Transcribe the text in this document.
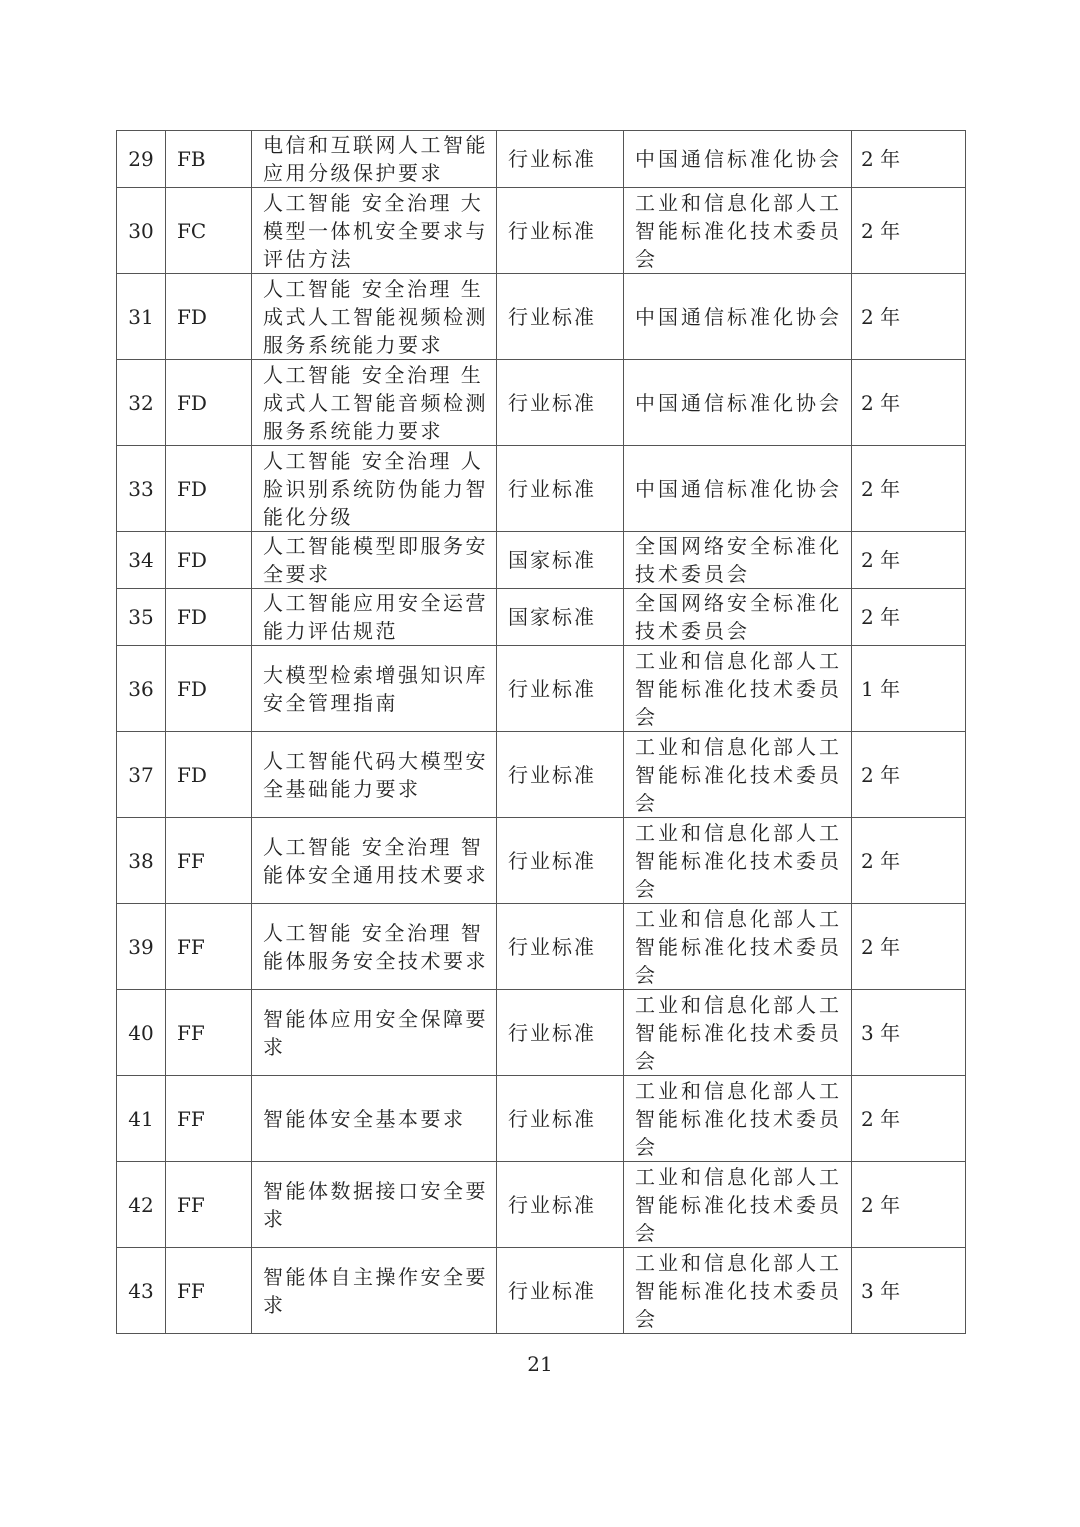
29	FB	电信和互联网人工智能应用分级保护要求	行业标准	中国通信标准化协会	2 年
30	FC	人工智能 安全治理 大模型一体机安全要求与评估方法	行业标准	工业和信息化部人工智能标准化技术委员会	2 年
31	FD	人工智能 安全治理 生成式人工智能视频检测服务系统能力要求	行业标准	中国通信标准化协会	2 年
32	FD	人工智能 安全治理 生成式人工智能音频检测服务系统能力要求	行业标准	中国通信标准化协会	2 年
33	FD	人工智能 安全治理 人脸识别系统防伪能力智能化分级	行业标准	中国通信标准化协会	2 年
34	FD	人工智能模型即服务安全要求	国家标准	全国网络安全标准化技术委员会	2 年
35	FD	人工智能应用安全运营能力评估规范	国家标准	全国网络安全标准化技术委员会	2 年
36	FD	大模型检索增强知识库安全管理指南	行业标准	工业和信息化部人工智能标准化技术委员会	1 年
37	FD	人工智能代码大模型安全基础能力要求	行业标准	工业和信息化部人工智能标准化技术委员会	2 年
38	FF	人工智能 安全治理 智能体安全通用技术要求	行业标准	工业和信息化部人工智能标准化技术委员会	2 年
39	FF	人工智能 安全治理 智能体服务安全技术要求	行业标准	工业和信息化部人工智能标准化技术委员会	2 年
40	FF	智能体应用安全保障要求	行业标准	工业和信息化部人工智能标准化技术委员会	3 年
41	FF	智能体安全基本要求	行业标准	工业和信息化部人工智能标准化技术委员会	2 年
42	FF	智能体数据接口安全要求	行业标准	工业和信息化部人工智能标准化技术委员会	2 年
43	FF	智能体自主操作安全要求	行业标准	工业和信息化部人工智能标准化技术委员会	3 年
21
